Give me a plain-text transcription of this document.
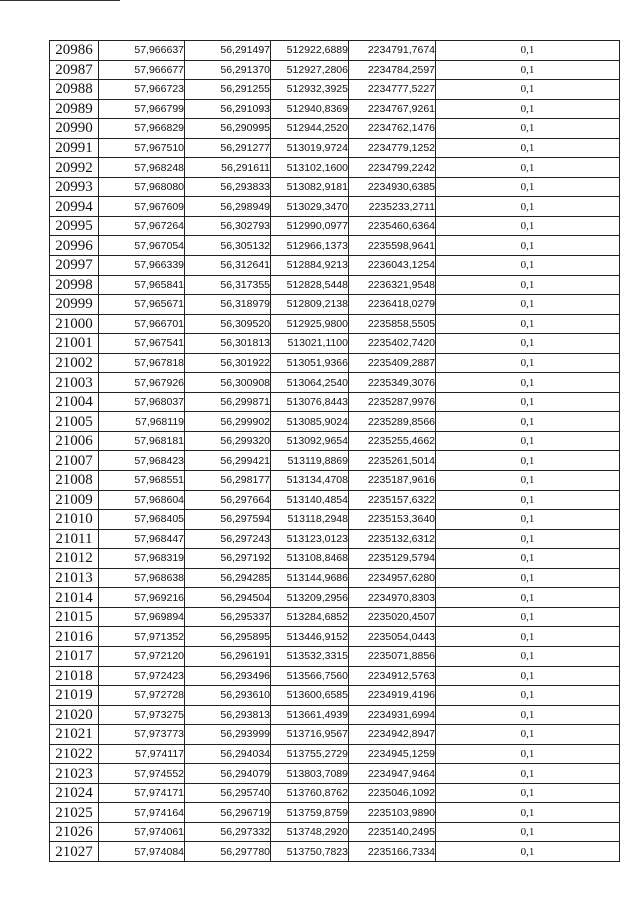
20986	57,966637	56,291497	512922,6889	2234791,7674	0,1
20987	57,966677	56,291370	512927,2806	2234784,2597	0,1
20988	57,966723	56,291255	512932,3925	2234777,5227	0,1
20989	57,966799	56,291093	512940,8369	2234767,9261	0,1
20990	57,966829	56,290995	512944,2520	2234762,1476	0,1
20991	57,967510	56,291277	513019,9724	2234779,1252	0,1
20992	57,968248	56,291611	513102,1600	2234799,2242	0,1
20993	57,968080	56,293833	513082,9181	2234930,6385	0,1
20994	57,967609	56,298949	513029,3470	2235233,2711	0,1
20995	57,967264	56,302793	512990,0977	2235460,6364	0,1
20996	57,967054	56,305132	512966,1373	2235598,9641	0,1
20997	57,966339	56,312641	512884,9213	2236043,1254	0,1
20998	57,965841	56,317355	512828,5448	2236321,9548	0,1
20999	57,965671	56,318979	512809,2138	2236418,0279	0,1
21000	57,966701	56,309520	512925,9800	2235858,5505	0,1
21001	57,967541	56,301813	513021,1100	2235402,7420	0,1
21002	57,967818	56,301922	513051,9366	2235409,2887	0,1
21003	57,967926	56,300908	513064,2540	2235349,3076	0,1
21004	57,968037	56,299871	513076,8443	2235287,9976	0,1
21005	57,968119	56,299902	513085,9024	2235289,8566	0,1
21006	57,968181	56,299320	513092,9654	2235255,4662	0,1
21007	57,968423	56,299421	513119,8869	2235261,5014	0,1
21008	57,968551	56,298177	513134,4708	2235187,9616	0,1
21009	57,968604	56,297664	513140,4854	2235157,6322	0,1
21010	57,968405	56,297594	513118,2948	2235153,3640	0,1
21011	57,968447	56,297243	513123,0123	2235132,6312	0,1
21012	57,968319	56,297192	513108,8468	2235129,5794	0,1
21013	57,968638	56,294285	513144,9686	2234957,6280	0,1
21014	57,969216	56,294504	513209,2956	2234970,8303	0,1
21015	57,969894	56,295337	513284,6852	2235020,4507	0,1
21016	57,971352	56,295895	513446,9152	2235054,0443	0,1
21017	57,972120	56,296191	513532,3315	2235071,8856	0,1
21018	57,972423	56,293496	513566,7560	2234912,5763	0,1
21019	57,972728	56,293610	513600,6585	2234919,4196	0,1
21020	57,973275	56,293813	513661,4939	2234931,6994	0,1
21021	57,973773	56,293999	513716,9567	2234942,8947	0,1
21022	57,974117	56,294034	513755,2729	2234945,1259	0,1
21023	57,974552	56,294079	513803,7089	2234947,9464	0,1
21024	57,974171	56,295740	513760,8762	2235046,1092	0,1
21025	57,974164	56,296719	513759,8759	2235103,9890	0,1
21026	57,974061	56,297332	513748,2920	2235140,2495	0,1
21027	57,974084	56,297780	513750,7823	2235166,7334	0,1
